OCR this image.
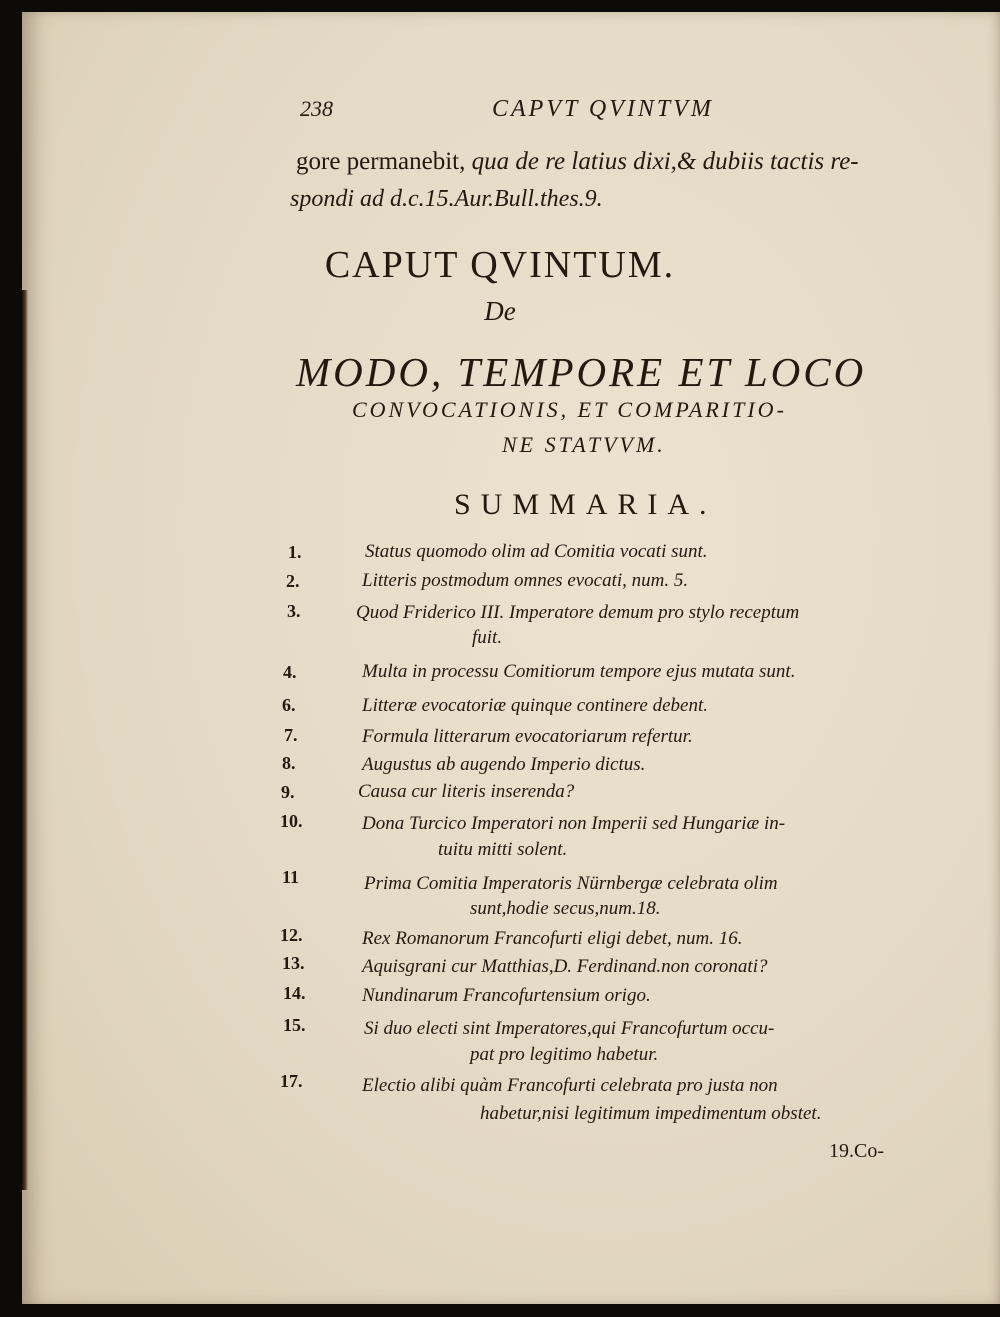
238	CAPVT QVINTVM
gore permanebit, qua de re latius dixi,& dubiis tactis re-
spondi ad d.c.15.Aur.Bull.thes.9.
CAPUT QVINTUM.
De
MODO, TEMPORE ET LOCO
CONVOCATIONIS, ET COMPARITIO-
NE STATVVM.
SUMMARIA.
1.	Status quomodo olim ad Comitia vocati sunt.
2.	Litteris postmodum omnes evocati, num. 5.
3.	Quod Friderico III. Imperatore demum pro stylo receptum
fuit.
4.	Multa in processu Comitiorum tempore ejus mutata sunt.
6.	Litteræ evocatoriæ quinque continere debent.
7.	Formula litterarum evocatoriarum refertur.
8.	Augustus ab augendo Imperio dictus.
9.	Causa cur literis inserenda?
10.	Dona Turcico Imperatori non Imperii sed Hungariæ in-
tuitu mitti solent.
11	Prima Comitia Imperatoris Nürnbergæ celebrata olim
sunt,hodie secus,num.18.
12.	Rex Romanorum Francofurti eligi debet, num. 16.
13.	Aquisgrani cur Matthias,D. Ferdinand.non coronati?
14.	Nundinarum Francofurtensium origo.
15.	Si duo electi sint Imperatores,qui Francofurtum occu-
pat pro legitimo habetur.
17.	Electio alibi quàm Francofurti celebrata pro justa non
habetur,nisi legitimum impedimentum obstet.
19.Co-
